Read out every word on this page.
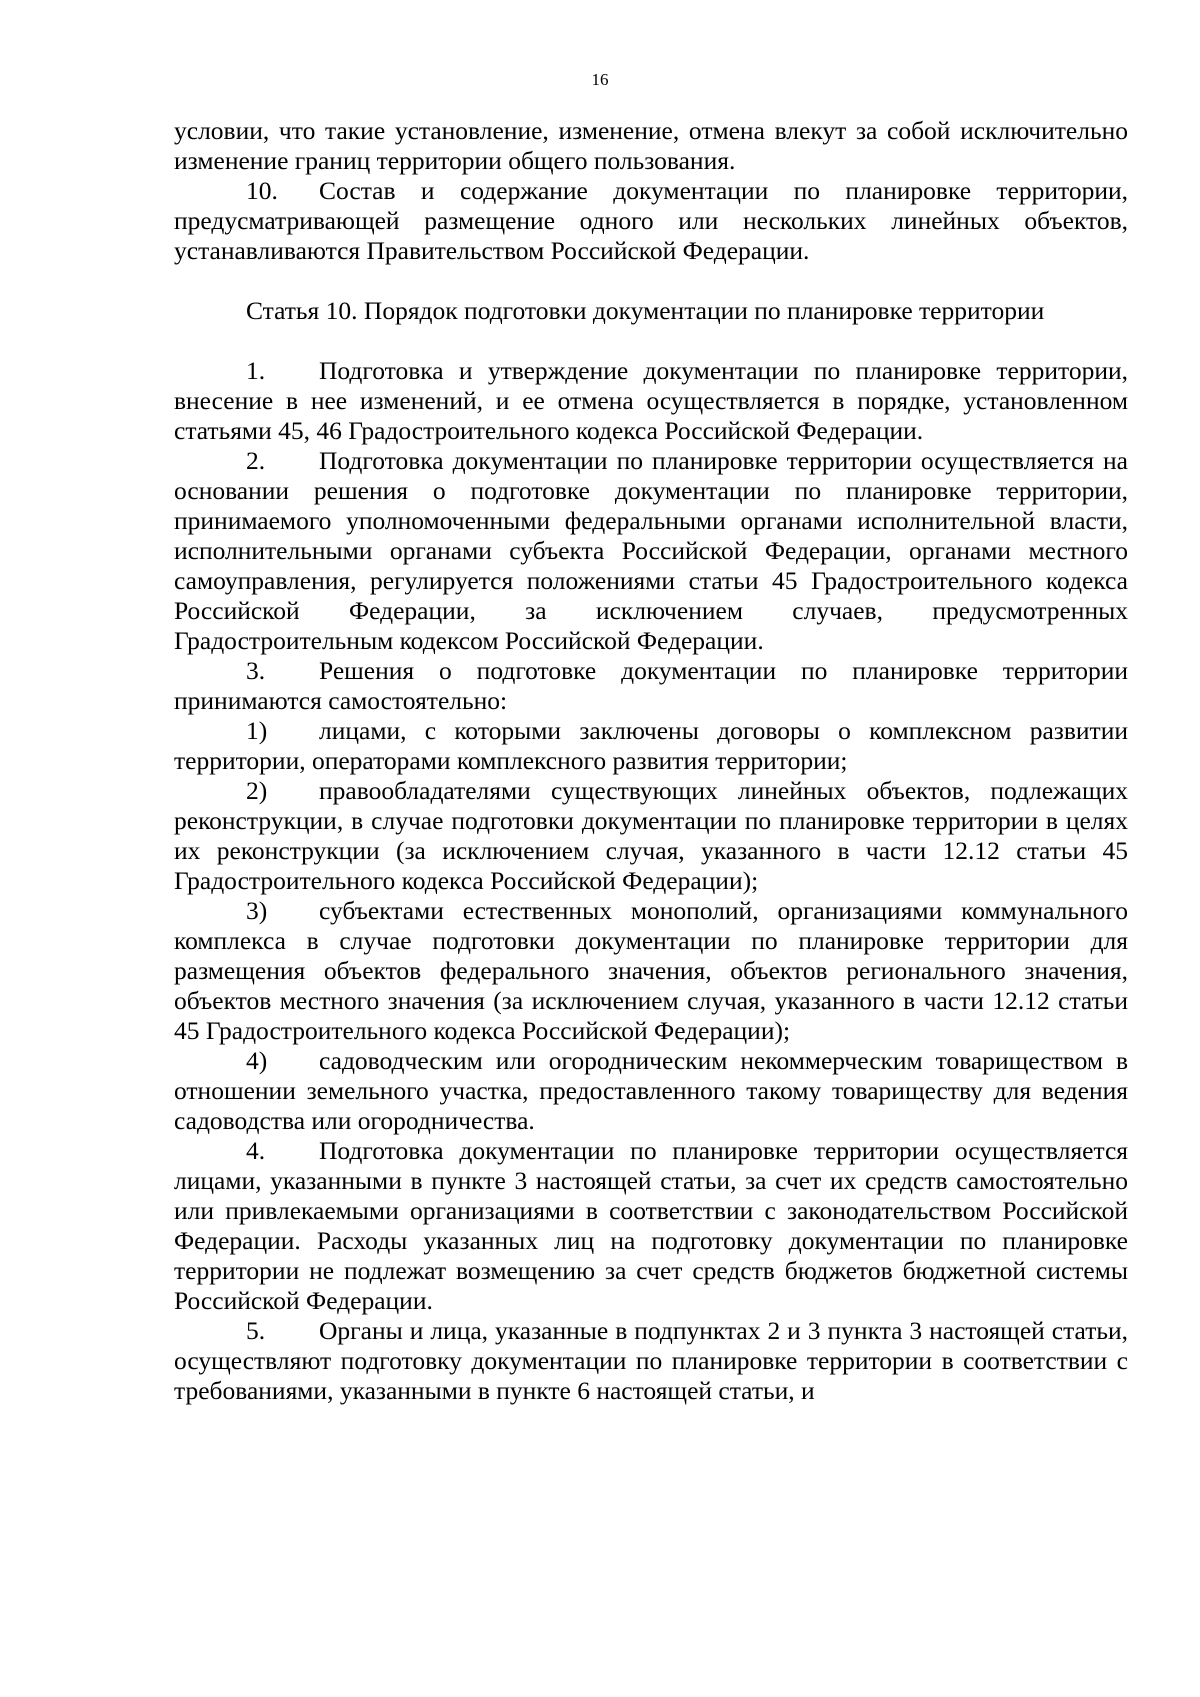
16

условии, что такие установление, изменение, отмена влекут за собой исключительно изменение границ территории общего пользования.

10. Состав и содержание документации по планировке территории, предусматривающей размещение одного или нескольких линейных объектов, устанавливаются Правительством Российской Федерации.

Статья 10. Порядок подготовки документации по планировке территории

1. Подготовка и утверждение документации по планировке территории, внесение в нее изменений, и ее отмена осуществляется в порядке, установленном статьями 45, 46 Градостроительного кодекса Российской Федерации.

2. Подготовка документации по планировке территории осуществляется на основании решения о подготовке документации по планировке территории, принимаемого уполномоченными федеральными органами исполнительной власти, исполнительными органами субъекта Российской Федерации, органами местного самоуправления, регулируется положениями статьи 45 Градостроительного кодекса Российской Федерации, за исключением случаев, предусмотренных Градостроительным кодексом Российской Федерации.

3. Решения о подготовке документации по планировке территории принимаются самостоятельно:

1) лицами, с которыми заключены договоры о комплексном развитии территории, операторами комплексного развития территории;

2) правообладателями существующих линейных объектов, подлежащих реконструкции, в случае подготовки документации по планировке территории в целях их реконструкции (за исключением случая, указанного в части 12.12 статьи 45 Градостроительного кодекса Российской Федерации);

3) субъектами естественных монополий, организациями коммунального комплекса в случае подготовки документации по планировке территории для размещения объектов федерального значения, объектов регионального значения, объектов местного значения (за исключением случая, указанного в части 12.12 статьи 45 Градостроительного кодекса Российской Федерации);

4) садоводческим или огородническим некоммерческим товариществом в отношении земельного участка, предоставленного такому товариществу для ведения садоводства или огородничества.

4. Подготовка документации по планировке территории осуществляется лицами, указанными в пункте 3 настоящей статьи, за счет их средств самостоятельно или привлекаемыми организациями в соответствии с законодательством Российской Федерации. Расходы указанных лиц на подготовку документации по планировке территории не подлежат возмещению за счет средств бюджетов бюджетной системы Российской Федерации.

5. Органы и лица, указанные в подпунктах 2 и 3 пункта 3 настоящей статьи, осуществляют подготовку документации по планировке территории в соответствии с требованиями, указанными в пункте 6 настоящей статьи, и
